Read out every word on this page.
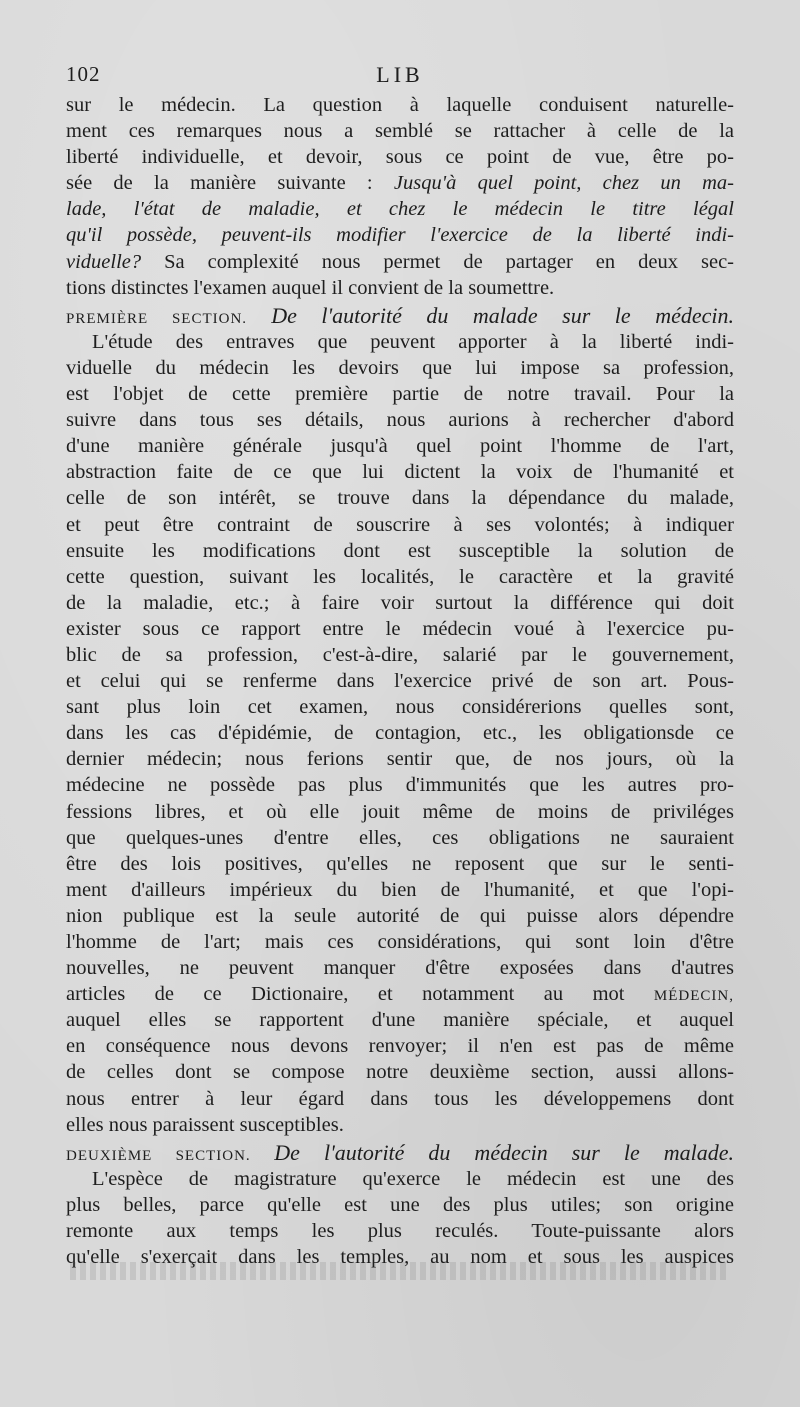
102	LIB

sur le médecin. La question à laquelle conduisent naturelle-
ment ces remarques nous a semblé se rattacher à celle de la
liberté individuelle, et devoir, sous ce point de vue, être po-
sée de la manière suivante : Jusqu'à quel point, chez un ma-
lade, l'état de maladie, et chez le médecin le titre légal
qu'il possède, peuvent-ils modifier l'exercice de la liberté indi-
viduelle? Sa complexité nous permet de partager en deux sec-
tions distinctes l'examen auquel il convient de la soumettre.

PREMIÈRE SECTION. De l'autorité du malade sur le médecin.

L'étude des entraves que peuvent apporter à la liberté indi-
viduelle du médecin les devoirs que lui impose sa profession,
est l'objet de cette première partie de notre travail. Pour la
suivre dans tous ses détails, nous aurions à rechercher d'abord
d'une manière générale jusqu'à quel point l'homme de l'art,
abstraction faite de ce que lui dictent la voix de l'humanité et
celle de son intérêt, se trouve dans la dépendance du malade,
et peut être contraint de souscrire à ses volontés; à indiquer
ensuite les modifications dont est susceptible la solution de
cette question, suivant les localités, le caractère et la gravité
de la maladie, etc.; à faire voir surtout la différence qui doit
exister sous ce rapport entre le médecin voué à l'exercice pu-
blic de sa profession, c'est-à-dire, salarié par le gouvernement,
et celui qui se renferme dans l'exercice privé de son art. Pous-
sant plus loin cet examen, nous considérerions quelles sont,
dans les cas d'épidémie, de contagion, etc., les obligationsde ce
dernier médecin; nous ferions sentir que, de nos jours, où la
médecine ne possède pas plus d'immunités que les autres pro-
fessions libres, et où elle jouit même de moins de priviléges
que quelques-unes d'entre elles, ces obligations ne sauraient
être des lois positives, qu'elles ne reposent que sur le senti-
ment d'ailleurs impérieux du bien de l'humanité, et que l'opi-
nion publique est la seule autorité de qui puisse alors dépendre
l'homme de l'art; mais ces considérations, qui sont loin d'être
nouvelles, ne peuvent manquer d'être exposées dans d'autres
articles de ce Dictionaire, et notamment au mot MÉDECIN,
auquel elles se rapportent d'une manière spéciale, et auquel
en conséquence nous devons renvoyer; il n'en est pas de même
de celles dont se compose notre deuxième section, aussi allons-
nous entrer à leur égard dans tous les développemens dont
elles nous paraissent susceptibles.

DEUXIÈME SECTION. De l'autorité du médecin sur le malade.

L'espèce de magistrature qu'exerce le médecin est une des
plus belles, parce qu'elle est une des plus utiles; son origine
remonte aux temps les plus reculés. Toute-puissante alors
qu'elle s'exerçait dans les temples, au nom et sous les auspices
